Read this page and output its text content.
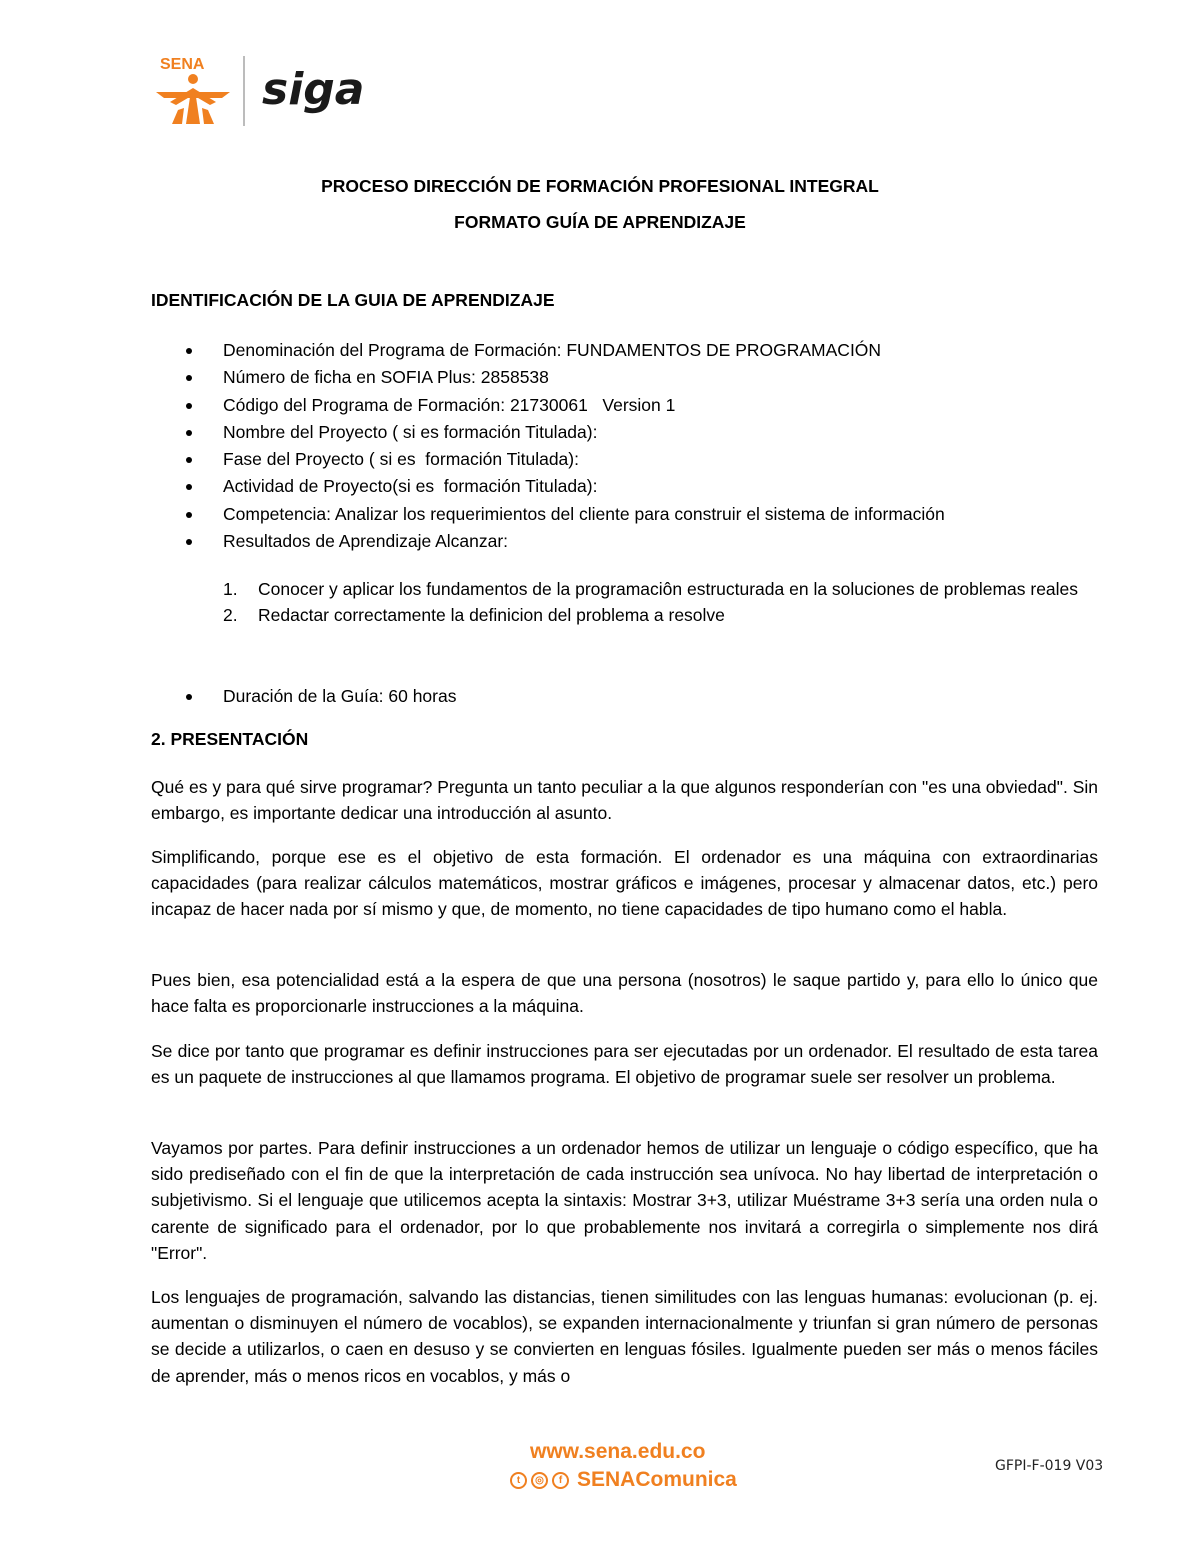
SENA siga
PROCESO DIRECCIÓN DE FORMACIÓN PROFESIONAL INTEGRAL
FORMATO GUÍA DE APRENDIZAJE
IDENTIFICACIÓN DE LA GUIA DE APRENDIZAJE
Denominación del Programa de Formación: FUNDAMENTOS DE PROGRAMACIÓN
Número de ficha en SOFIA Plus: 2858538
Código del Programa de Formación: 21730061   Version 1
Nombre del Proyecto ( si es formación Titulada):
Fase del Proyecto ( si es  formación Titulada):
Actividad de Proyecto(si es  formación Titulada):
Competencia: Analizar los requerimientos del cliente para construir el sistema de información
Resultados de Aprendizaje Alcanzar:
1. Conocer y aplicar los fundamentos de la programaciôn estructurada en la soluciones de problemas reales
2. Redactar correctamente la definicion del problema a resolve
Duración de la Guía: 60 horas
2. PRESENTACIÓN

Qué es y para qué sirve programar? Pregunta un tanto peculiar a la que algunos responderían con "es una obviedad". Sin embargo, es importante dedicar una introducción al asunto.

Simplificando, porque ese es el objetivo de esta formación. El ordenador es una máquina con extraordinarias capacidades (para realizar cálculos matemáticos, mostrar gráficos e imágenes, procesar y almacenar datos, etc.) pero incapaz de hacer nada por sí mismo y que, de momento, no tiene capacidades de tipo humano como el habla.

Pues bien, esa potencialidad está a la espera de que una persona (nosotros) le saque partido y, para ello lo único que hace falta es proporcionarle instrucciones a la máquina.

Se dice por tanto que programar es definir instrucciones para ser ejecutadas por un ordenador. El resultado de esta tarea es un paquete de instrucciones al que llamamos programa. El objetivo de programar suele ser resolver un problema.

Vayamos por partes. Para definir instrucciones a un ordenador hemos de utilizar un lenguaje o código específico, que ha sido prediseñado con el fin de que la interpretación de cada instrucción sea unívoca. No hay libertad de interpretación o subjetivismo. Si el lenguaje que utilicemos acepta la sintaxis: Mostrar 3+3, utilizar Muéstrame 3+3 sería una orden nula o carente de significado para el ordenador, por lo que probablemente nos invitará a corregirla o simplemente nos dirá "Error".

Los lenguajes de programación, salvando las distancias, tienen similitudes con las lenguas humanas: evolucionan (p. ej. aumentan o disminuyen el número de vocablos), se expanden internacionalmente y triunfan si gran número de personas se decide a utilizarlos, o caen en desuso y se convierten en lenguas fósiles. Igualmente pueden ser más o menos fáciles de aprender, más o menos ricos en vocablos, y más o

www.sena.edu.co
t	◎	f SENAComunica
GFPI-F-019 V03
